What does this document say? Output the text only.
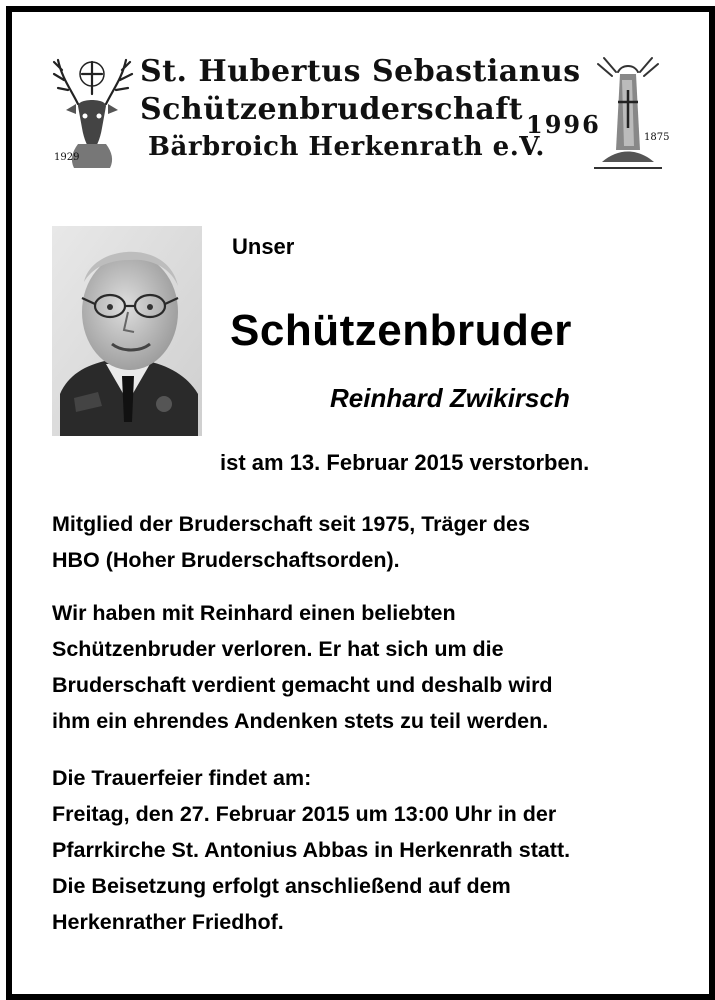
St. Hubertus Sebastianus
Schützenbruderschaft
Bärbroich Herkenrath e.V.
1996
1929
1875
Unser
Schützenbruder
Reinhard Zwikirsch
ist am 13. Februar 2015 verstorben.
Mitglied der Bruderschaft seit 1975, Träger des
HBO (Hoher Bruderschaftsorden).
Wir haben mit Reinhard einen beliebten
Schützenbruder verloren. Er hat sich um die
Bruderschaft verdient gemacht und deshalb wird
ihm ein ehrendes Andenken stets zu teil werden.
Die Trauerfeier findet am:
Freitag, den 27. Februar 2015 um 13:00 Uhr in der
Pfarrkirche St. Antonius Abbas in Herkenrath statt.
Die Beisetzung erfolgt anschließend auf dem
Herkenrather Friedhof.
